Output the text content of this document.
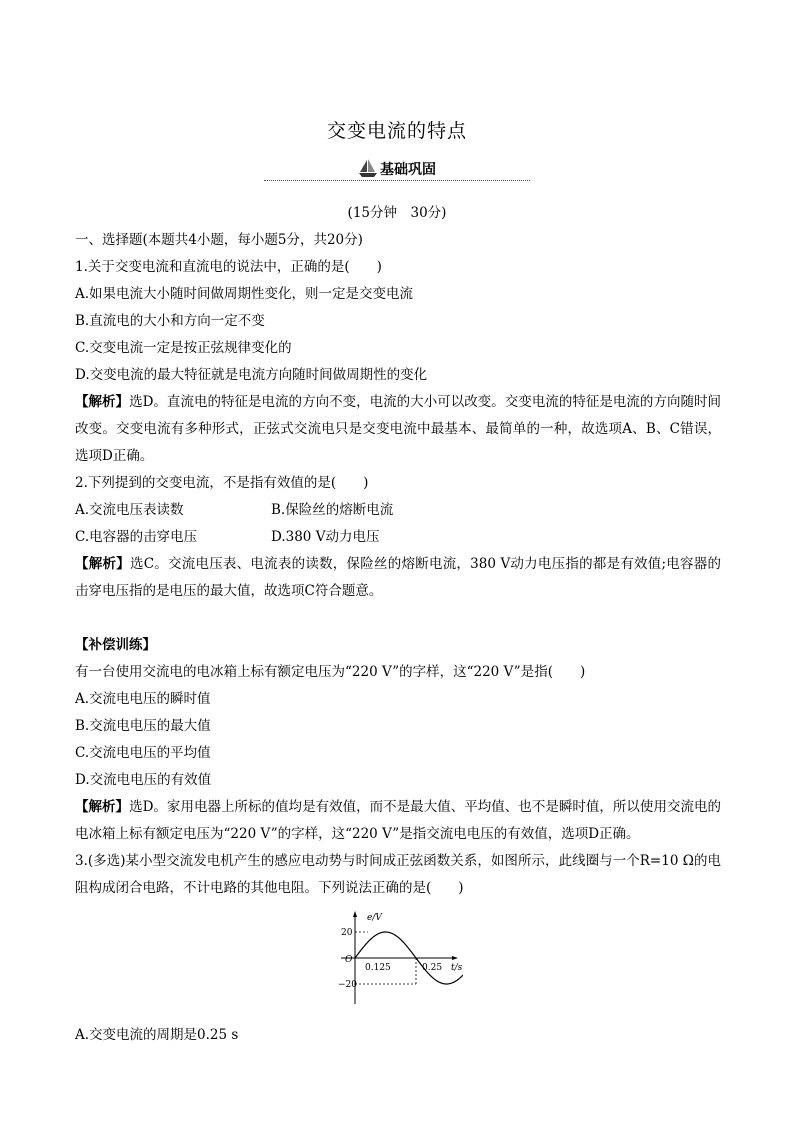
交变电流的特点
基础巩固
(15分钟　30分)
一、选择题(本题共4小题，每小题5分，共20分)
1.关于交变电流和直流电的说法中，正确的是(　　)
A.如果电流大小随时间做周期性变化，则一定是交变电流
B.直流电的大小和方向一定不变
C.交变电流一定是按正弦规律变化的
D.交变电流的最大特征就是电流方向随时间做周期性的变化
【解析】选D。直流电的特征是电流的方向不变，电流的大小可以改变。交变电流的特征是电流的方向随时间改变。交变电流有多种形式，正弦式交流电只是交变电流中最基本、最简单的一种，故选项A、B、C错误，选项D正确。
2.下列提到的交变电流，不是指有效值的是(　　)
A.交流电压表读数	B.保险丝的熔断电流
C.电容器的击穿电压	D.380 V动力电压
【解析】选C。交流电压表、电流表的读数，保险丝的熔断电流，380 V动力电压指的都是有效值;电容器的击穿电压指的是电压的最大值，故选项C符合题意。
【补偿训练】
有一台使用交流电的电冰箱上标有额定电压为“220 V”的字样，这“220 V”是指(　　)
A.交流电电压的瞬时值
B.交流电电压的最大值
C.交流电电压的平均值
D.交流电电压的有效值
【解析】选D。家用电器上所标的值均是有效值，而不是最大值、平均值、也不是瞬时值，所以使用交流电的电冰箱上标有额定电压为“220 V”的字样，这“220 V”是指交流电电压的有效值，选项D正确。
3.(多选)某小型交流发电机产生的感应电动势与时间成正弦函数关系，如图所示，此线圈与一个R=10 Ω的电阻构成闭合电路，不计电路的其他电阻。下列说法正确的是(　　)
e/V
20
−20
O
0.125	0.25 t/s
A.交变电流的周期是0.25 s
